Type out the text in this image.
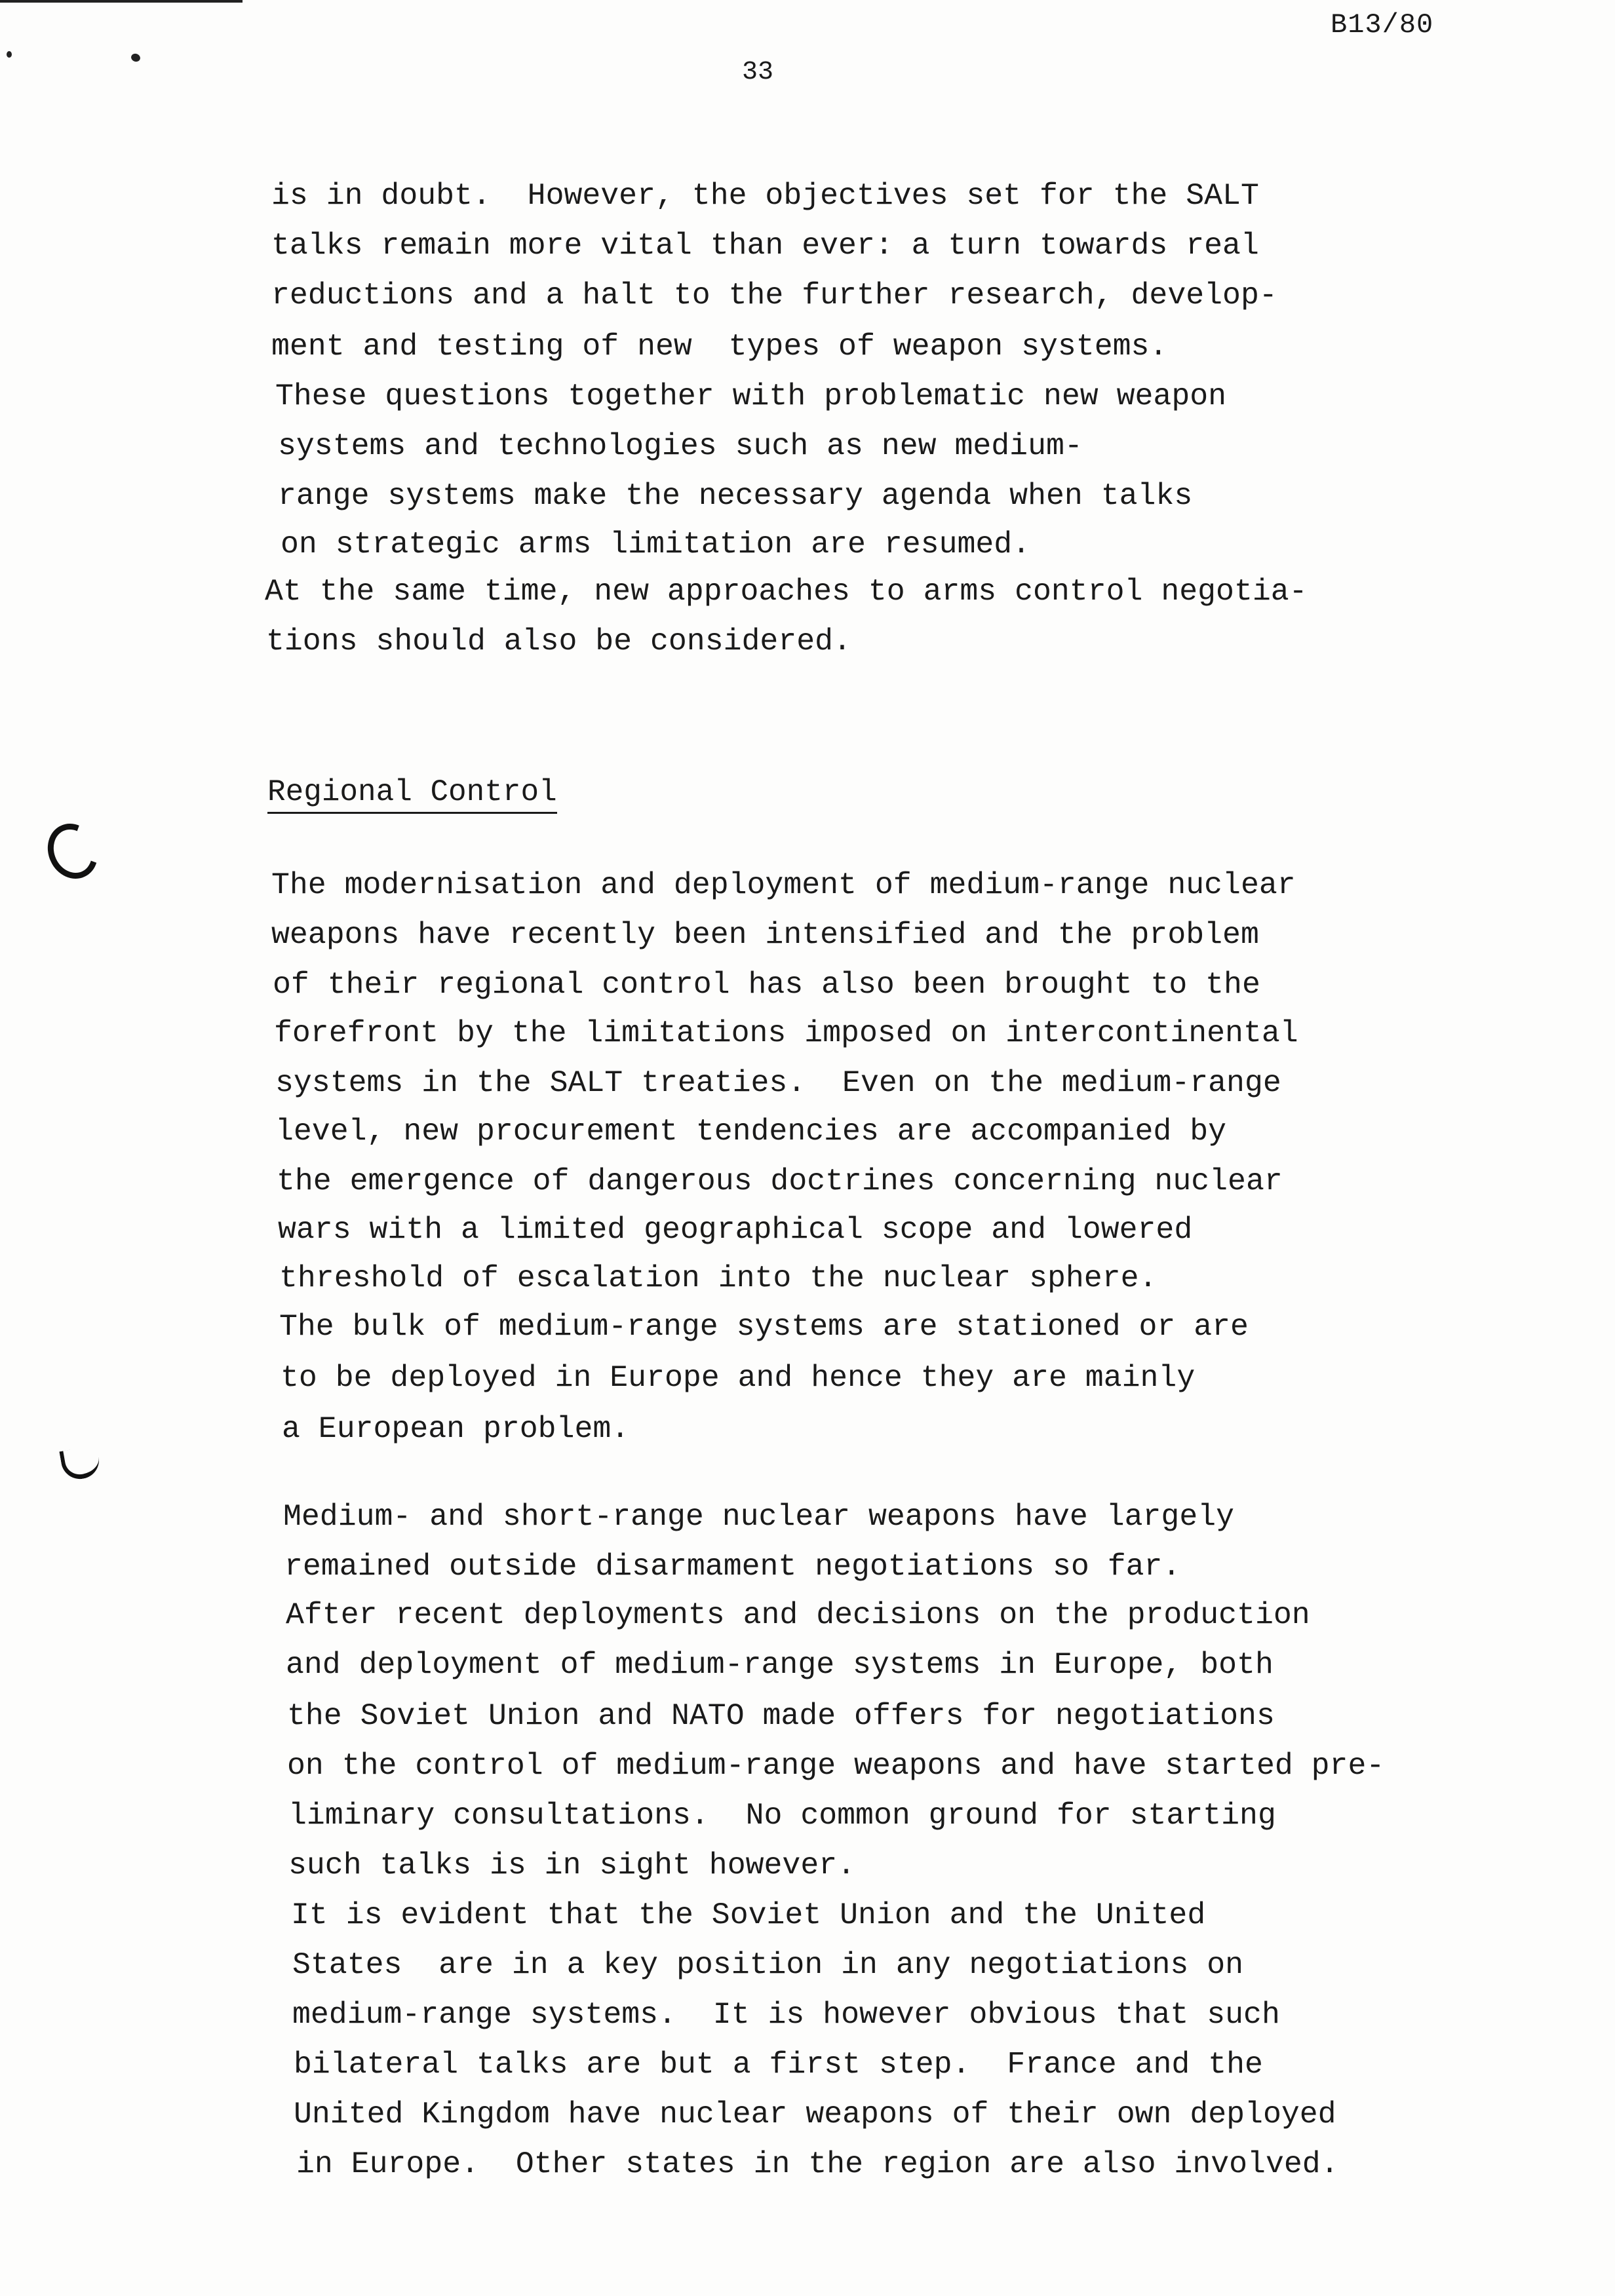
B13/80
33
is in doubt.  However, the objectives set for the SALT
talks remain more vital than ever: a turn towards real
reductions and a halt to the further research, develop-
ment and testing of new  types of weapon systems.
These questions together with problematic new weapon
systems and technologies such as new medium-
range systems make the necessary agenda when talks
on strategic arms limitation are resumed.
At the same time, new approaches to arms control negotia-
tions should also be considered.
Regional Control
The modernisation and deployment of medium-range nuclear
weapons have recently been intensified and the problem
of their regional control has also been brought to the
forefront by the limitations imposed on intercontinental
systems in the SALT treaties.  Even on the medium-range
level, new procurement tendencies are accompanied by
the emergence of dangerous doctrines concerning nuclear
wars with a limited geographical scope and lowered
threshold of escalation into the nuclear sphere.
The bulk of medium-range systems are stationed or are
to be deployed in Europe and hence they are mainly
a European problem.
Medium- and short-range nuclear weapons have largely
remained outside disarmament negotiations so far.
After recent deployments and decisions on the production
and deployment of medium-range systems in Europe, both
the Soviet Union and NATO made offers for negotiations
on the control of medium-range weapons and have started pre-
liminary consultations.  No common ground for starting
such talks is in sight however.
It is evident that the Soviet Union and the United
States  are in a key position in any negotiations on
medium-range systems.  It is however obvious that such
bilateral talks are but a first step.  France and the
United Kingdom have nuclear weapons of their own deployed
in Europe.  Other states in the region are also involved.
